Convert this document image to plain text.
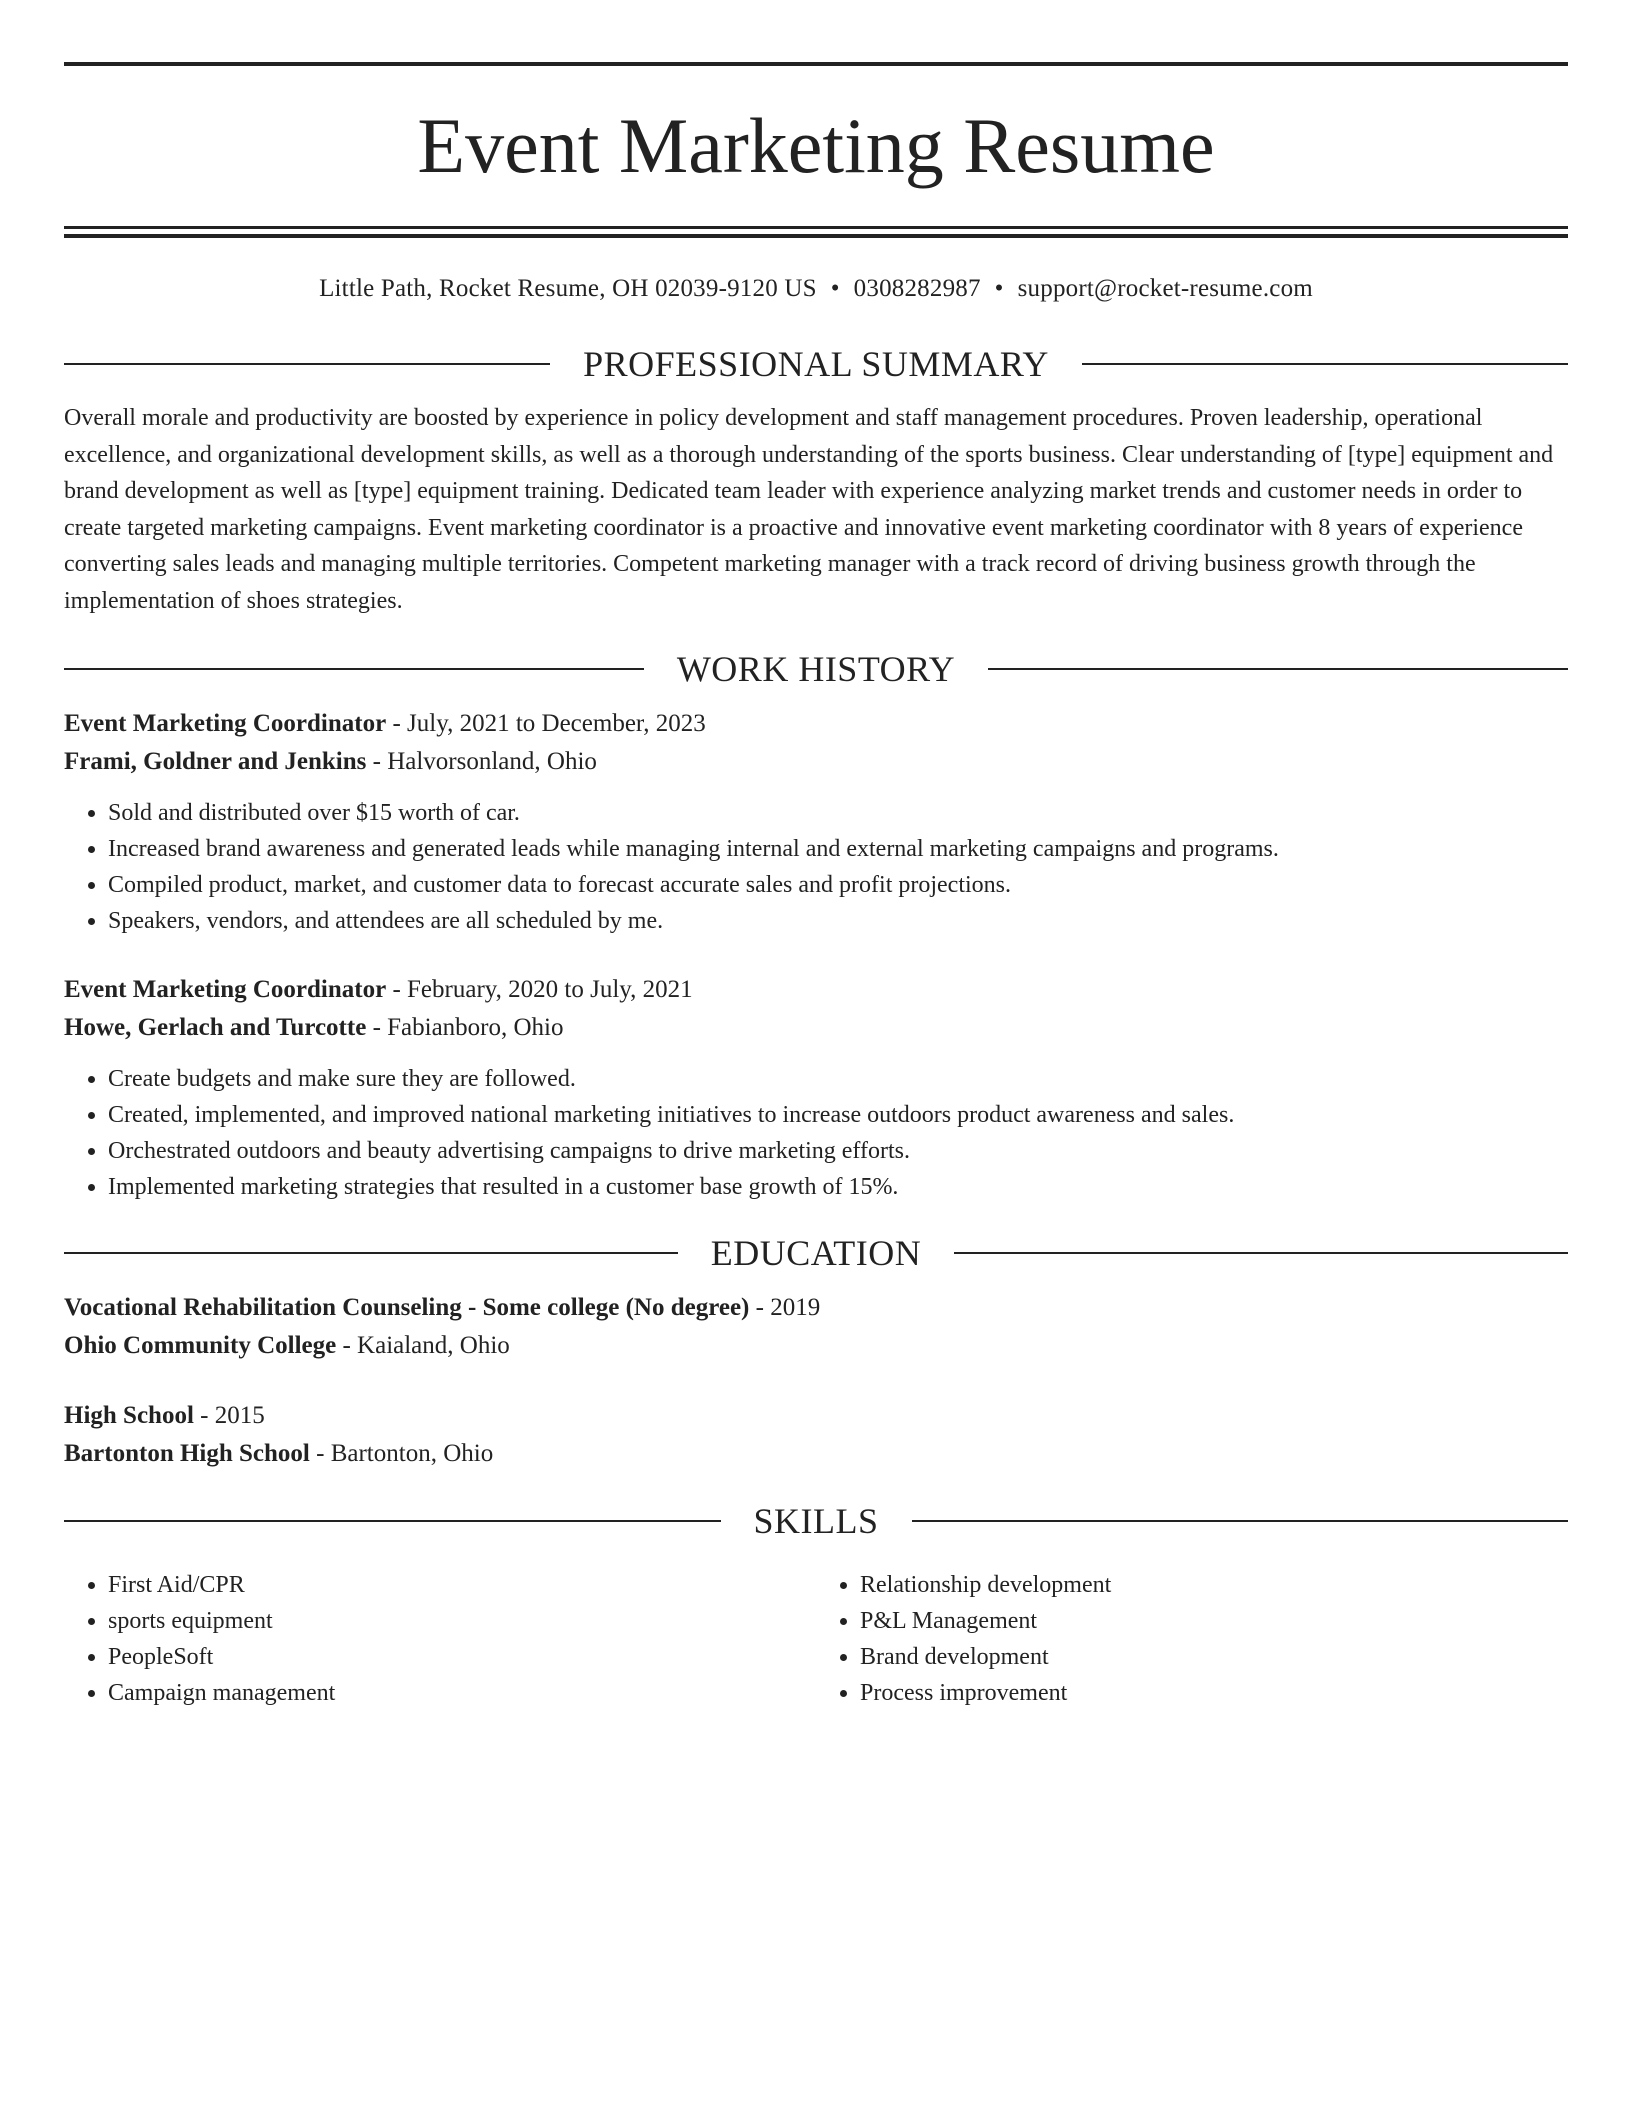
Event Marketing Resume
Little Path, Rocket Resume, OH 02039-9120 US • 0308282987 • support@rocket-resume.com
PROFESSIONAL SUMMARY

Overall morale and productivity are boosted by experience in policy development and staff management procedures. Proven leadership, operational excellence, and organizational development skills, as well as a thorough understanding of the sports business. Clear understanding of [type] equipment and brand development as well as [type] equipment training. Dedicated team leader with experience analyzing market trends and customer needs in order to create targeted marketing campaigns. Event marketing coordinator is a proactive and innovative event marketing coordinator with 8 years of experience converting sales leads and managing multiple territories. Competent marketing manager with a track record of driving business growth through the implementation of shoes strategies.

WORK HISTORY
Event Marketing Coordinator - July, 2021 to December, 2023
Frami, Goldner and Jenkins - Halvorsonland, Ohio
• Sold and distributed over $15 worth of car.
• Increased brand awareness and generated leads while managing internal and external marketing campaigns and programs.
• Compiled product, market, and customer data to forecast accurate sales and profit projections.
• Speakers, vendors, and attendees are all scheduled by me.
Event Marketing Coordinator - February, 2020 to July, 2021
Howe, Gerlach and Turcotte - Fabianboro, Ohio
• Create budgets and make sure they are followed.
• Created, implemented, and improved national marketing initiatives to increase outdoors product awareness and sales.
• Orchestrated outdoors and beauty advertising campaigns to drive marketing efforts.
• Implemented marketing strategies that resulted in a customer base growth of 15%.
EDUCATION
Vocational Rehabilitation Counseling - Some college (No degree) - 2019
Ohio Community College - Kaialand, Ohio
High School - 2015
Bartonton High School - Bartonton, Ohio
SKILLS
• First Aid/CPR
• sports equipment
• PeopleSoft
• Campaign management
• Relationship development
• P&L Management
• Brand development
• Process improvement
